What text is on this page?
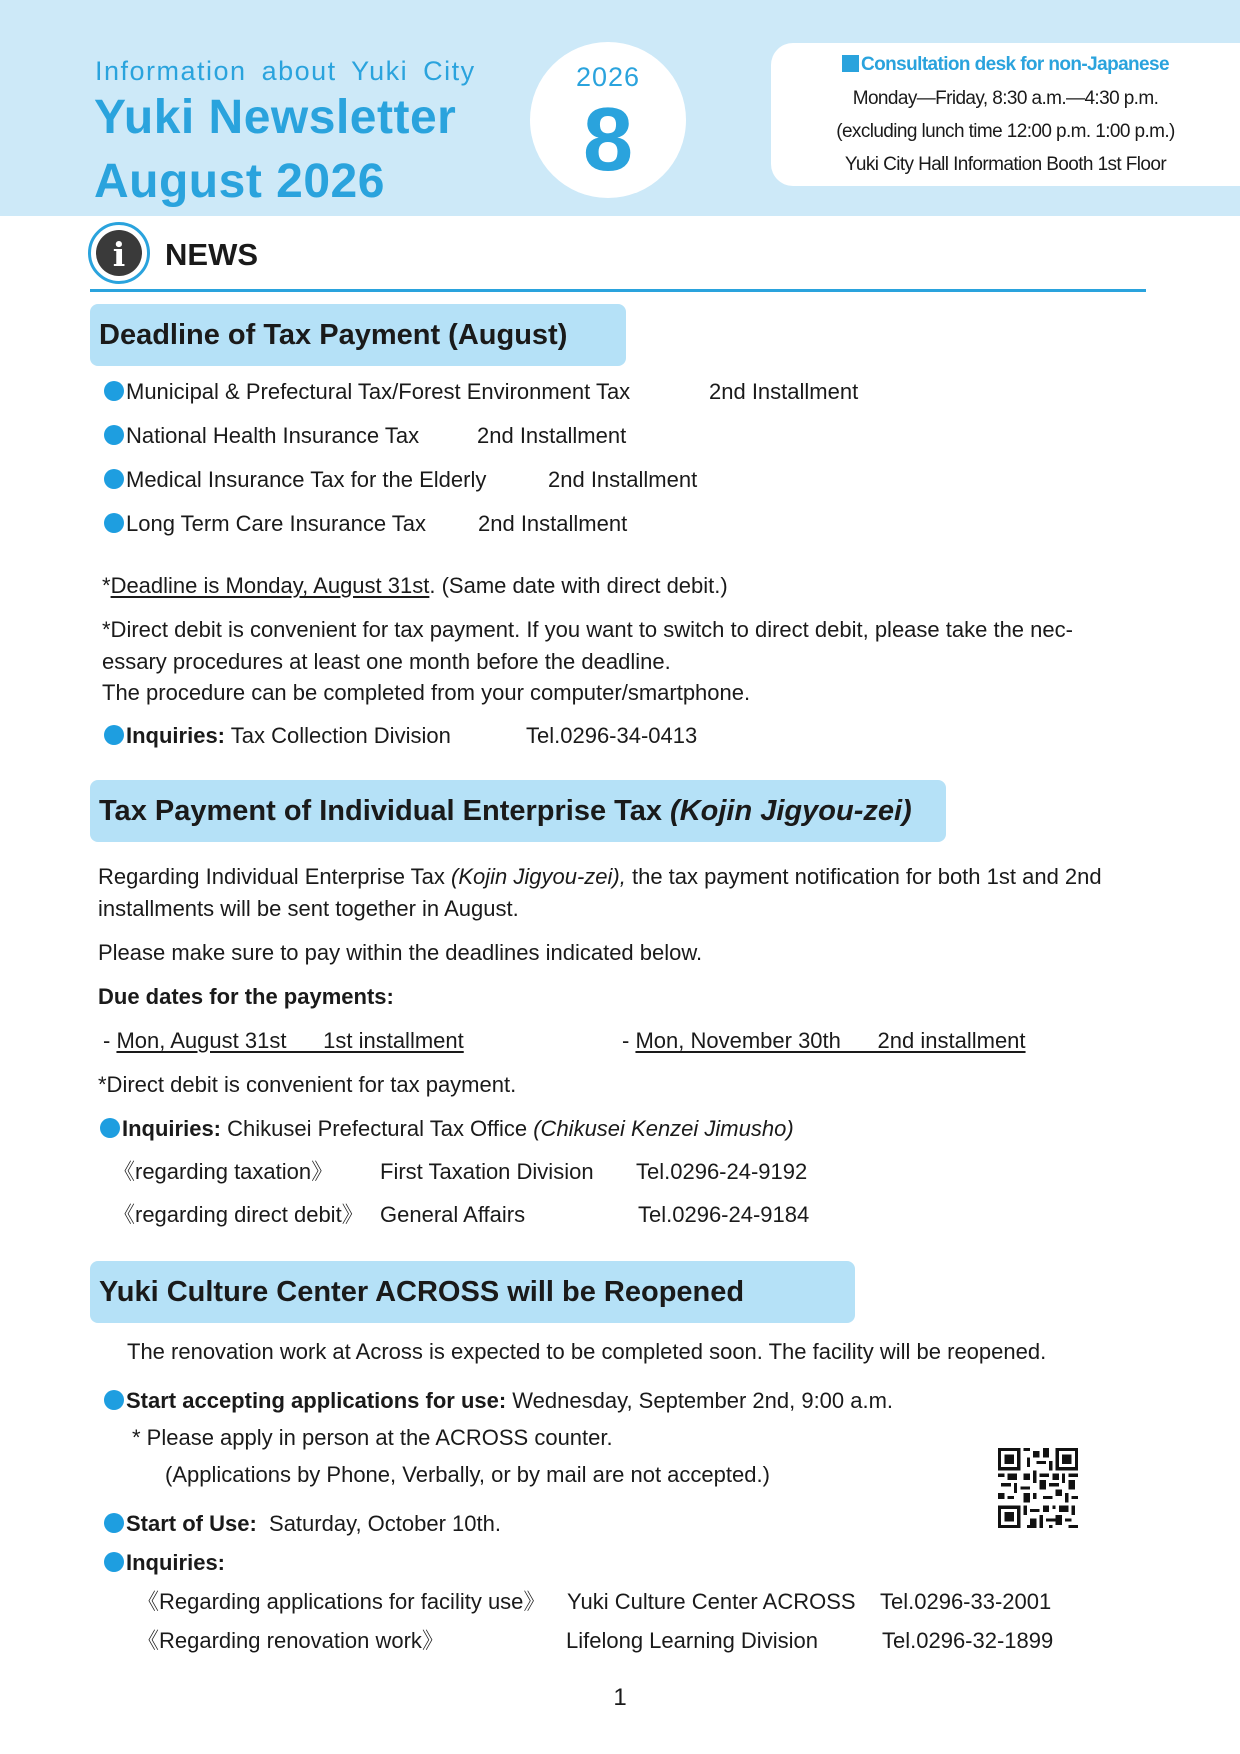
Information about Yuki City
Yuki Newsletter
August 2026
2026
8
Consultation desk for non-Japanese
Monday—Friday, 8:30 a.m.—4:30 p.m.
(excluding lunch time 12:00 p.m. 1:00 p.m.)
Yuki City Hall Information Booth 1st Floor
i	NEWS
Deadline of Tax Payment (August)
Municipal & Prefectural Tax/Forest Environment Tax	2nd Installment
National Health Insurance Tax	2nd Installment
Medical Insurance Tax for the Elderly	2nd Installment
Long Term Care Insurance Tax 2nd Installment
*Deadline is Monday, August 31st. (Same date with direct debit.)
*Direct debit is convenient for tax payment. If you want to switch to direct debit, please take the nec-
essary procedures at least one month before the deadline.
The procedure can be completed from your computer/smartphone.
Inquiries: Tax Collection Division	Tel.0296-34-0413
Tax Payment of Individual Enterprise Tax (Kojin Jigyou-zei)
Regarding Individual Enterprise Tax (Kojin Jigyou-zei), the tax payment notification for both 1st and 2nd
installments will be sent together in August.
Please make sure to pay within the deadlines indicated below.
Due dates for the payments:
- Mon, August 31st      1st installment	- Mon, November 30th      2nd installment
*Direct debit is convenient for tax payment.
Inquiries: Chikusei Prefectural Tax Office (Chikusei Kenzei Jimusho)
《regarding taxation》 First Taxation Division Tel.0296-24-9192
《regarding direct debit》 General Affairs	Tel.0296-24-9184
Yuki Culture Center ACROSS will be Reopened
The renovation work at Across is expected to be completed soon. The facility will be reopened.
Start accepting applications for use: Wednesday, September 2nd, 9:00 a.m.
* Please apply in person at the ACROSS counter.
(Applications by Phone, Verbally, or by mail are not accepted.)
Start of Use:  Saturday, October 10th.
Inquiries:
《Regarding applications for facility use》 Yuki Culture Center ACROSS Tel.0296-33-2001
《Regarding renovation work》	Lifelong Learning Division	Tel.0296-32-1899
1
